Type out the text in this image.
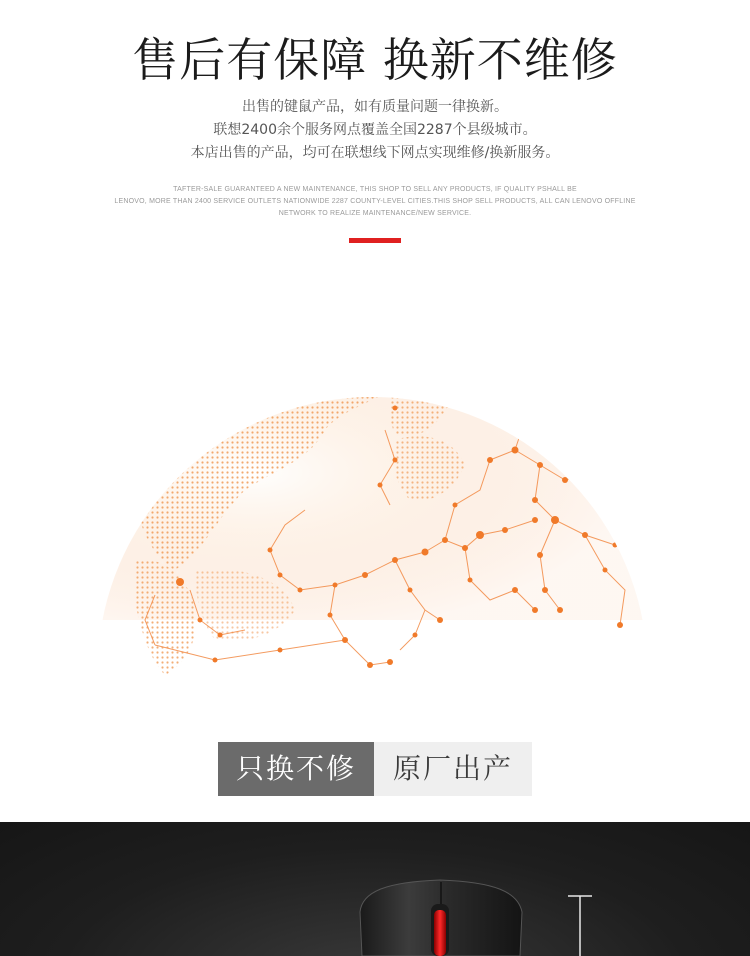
售后有保障 换新不维修
出售的键鼠产品，如有质量问题一律换新。
联想2400余个服务网点覆盖全国2287个县级城市。
本店出售的产品，均可在联想线下网点实现维修/换新服务。
TAFTER-SALE GUARANTEED A NEW MAINTENANCE, THIS SHOP TO SELL ANY PRODUCTS, IF QUALITY PSHALL BE
LENOVO, MORE THAN 2400 SERVICE OUTLETS NATIONWIDE 2287 COUNTY-LEVEL CITIES.THIS SHOP SELL PRODUCTS, ALL CAN LENOVO OFFLINE
NETWORK TO REALIZE MAINTENANCE/NEW SERVICE.
只换不修	原厂出产
